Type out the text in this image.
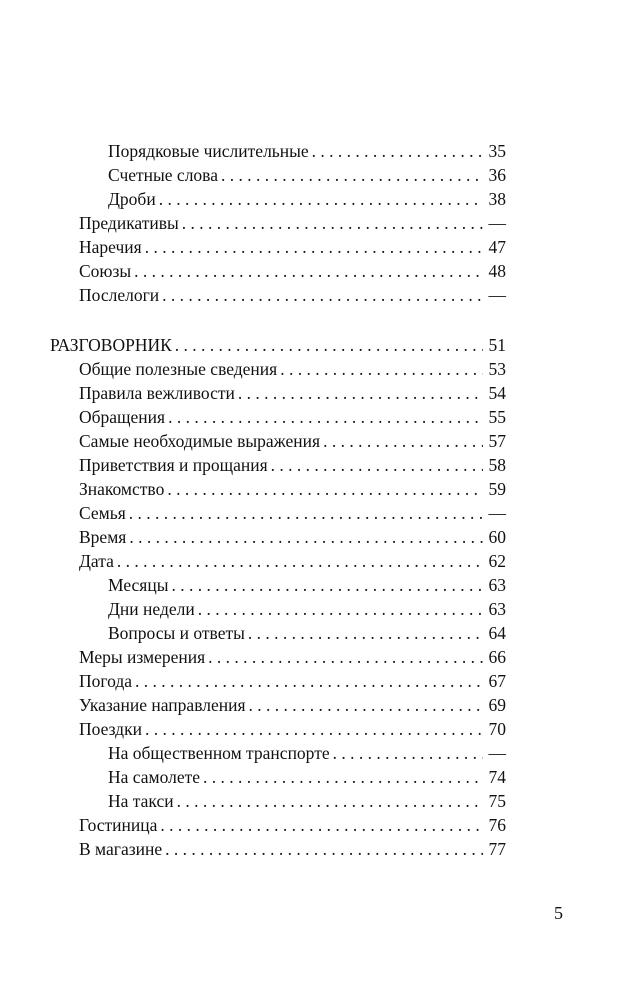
Порядковые числительные . . .	35
Счетные слова . . .	36
Дроби . . .	38
Предикативы . . .	—
Наречия . . .	47
Союзы . . .	48
Послелоги . . .	—
РАЗГОВОРНИК . . .	51
Общие полезные сведения . . .	53
Правила вежливости . . .	54
Обращения . . .	55
Самые необходимые выражения . . .	57
Приветствия и прощания . . .	58
Знакомство . . .	59
Семья . . .	—
Время . . .	60
Дата . . .	62
Месяцы . . .	63
Дни недели . . .	63
Вопросы и ответы . . .	64
Меры измерения . . .	66
Погода . . .	67
Указание направления . . .	69
Поездки . . .	70
На общественном транспорте . . .	—
На самолете . . .	74
На такси . . .	75
Гостиница . . .	76
В магазине . . .	77
5
